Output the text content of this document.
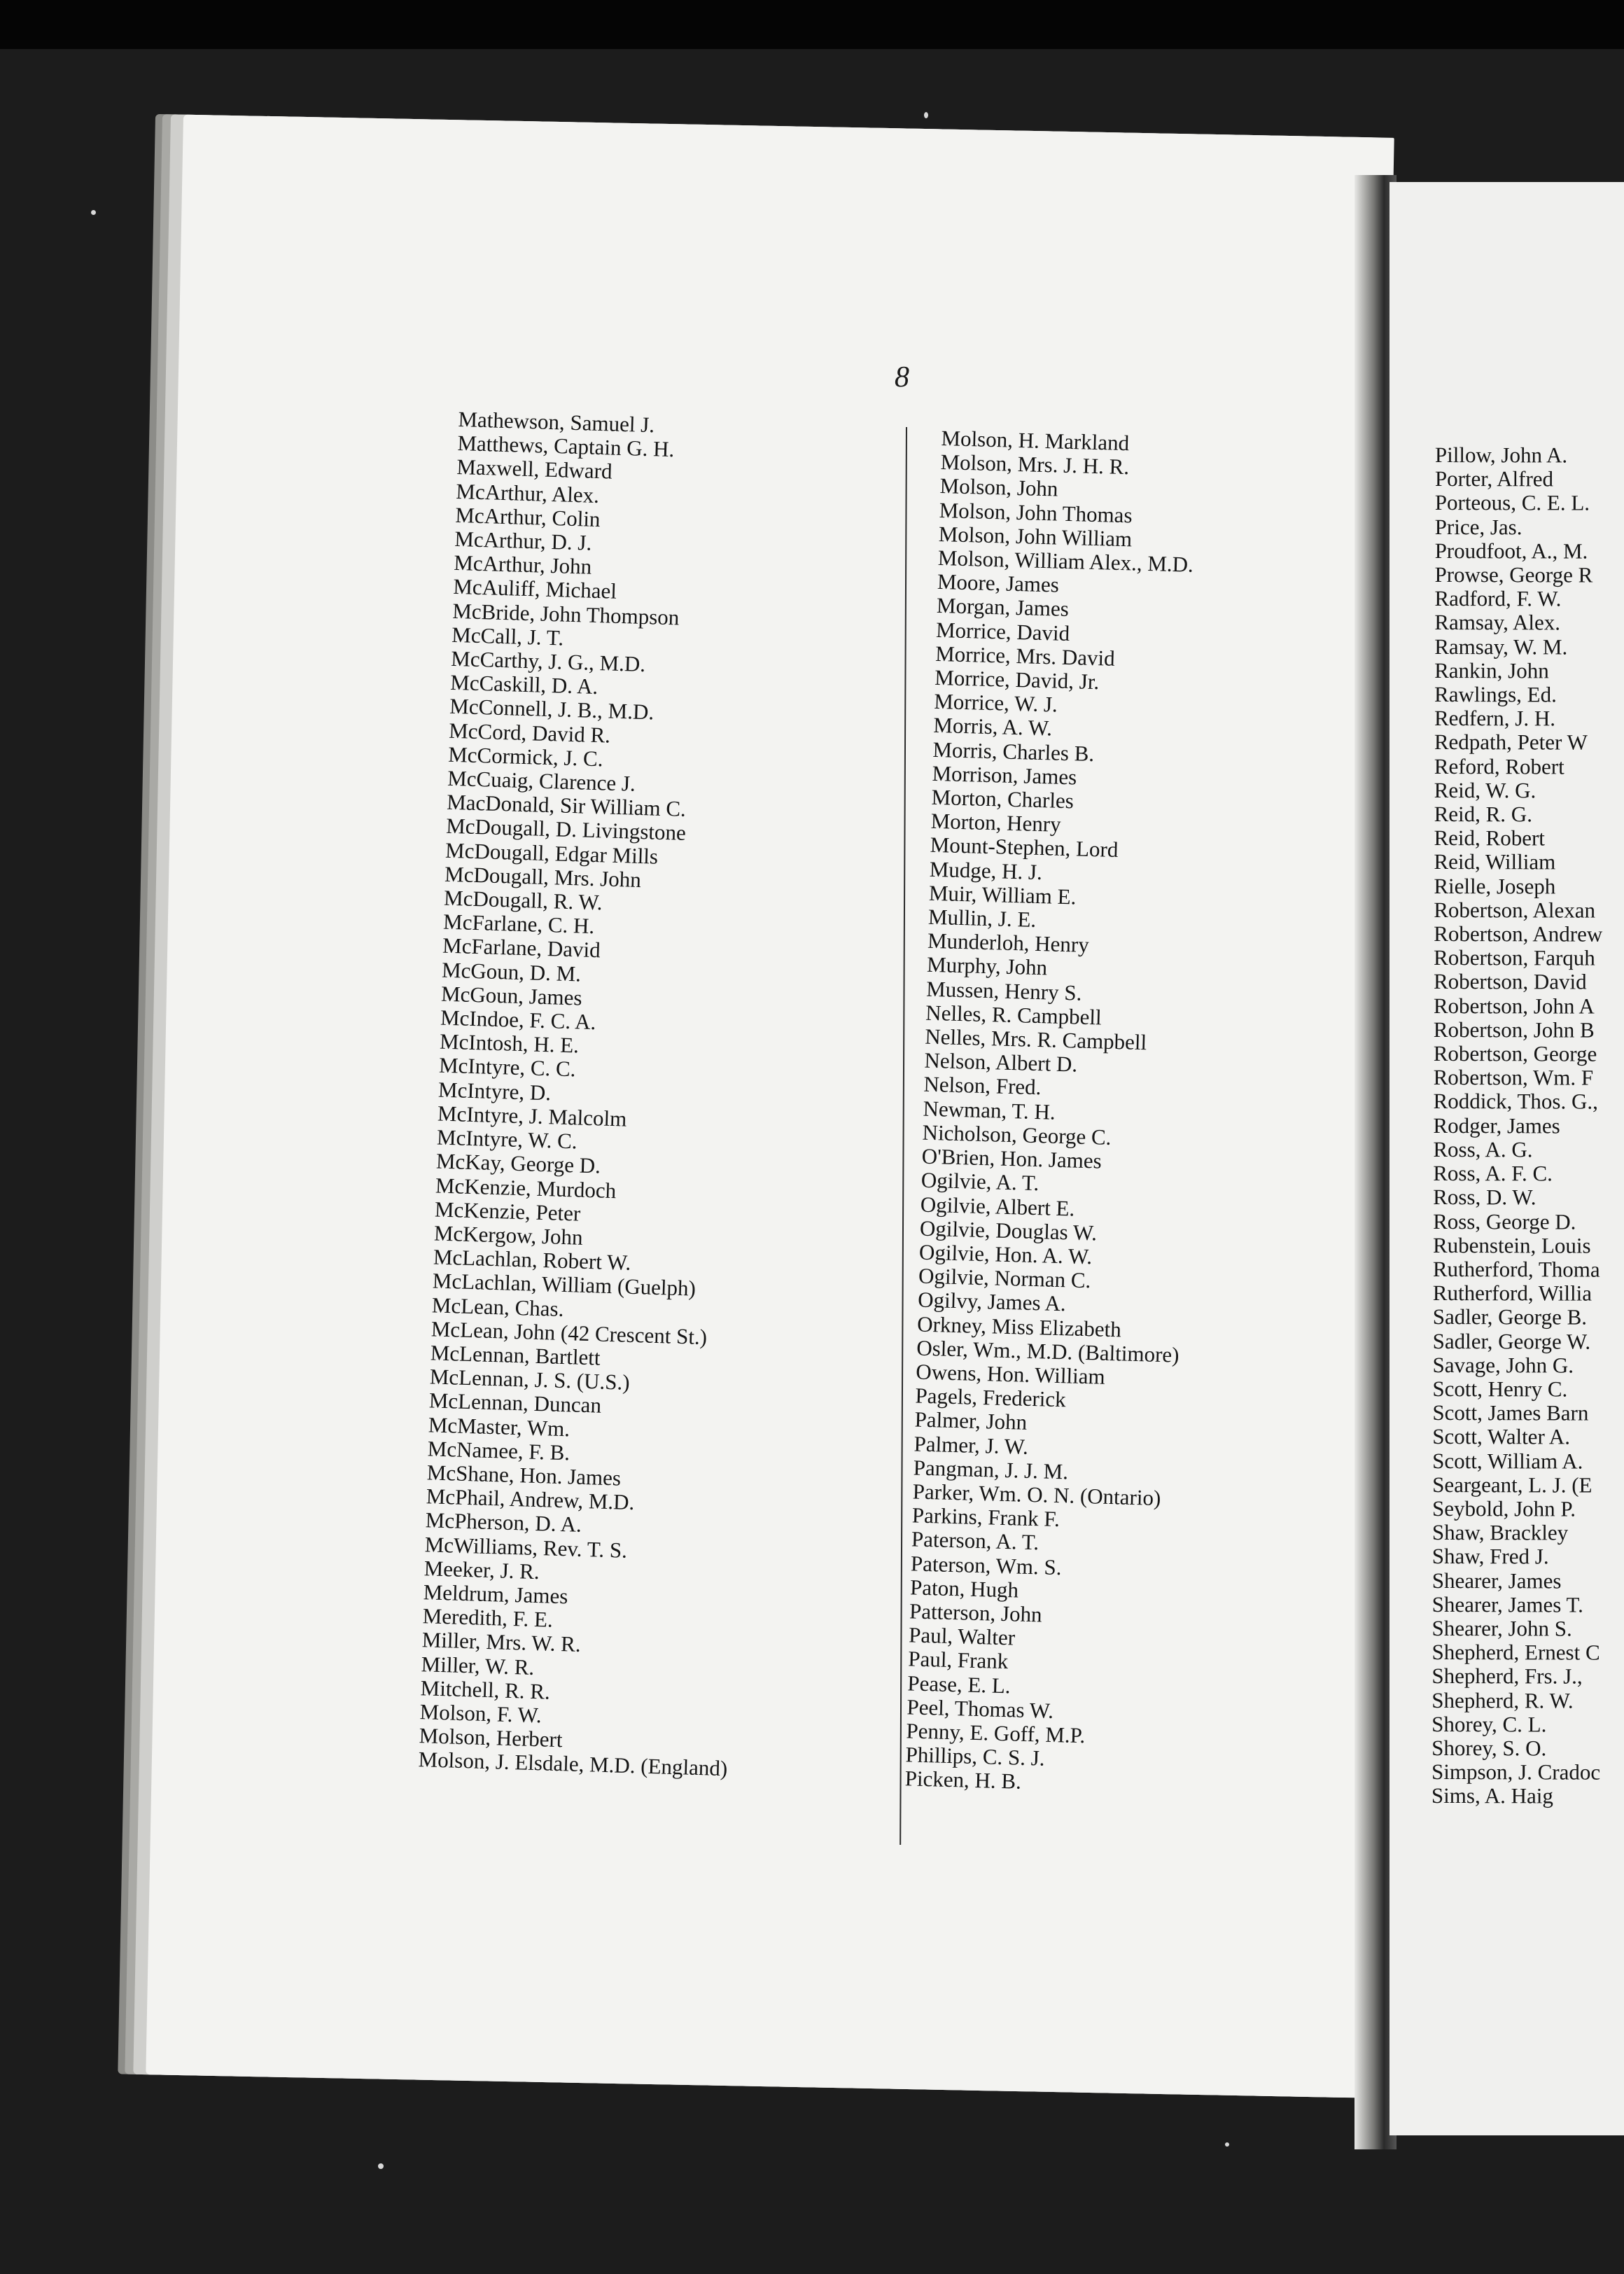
8
Mathewson, Samuel J.
Matthews, Captain G. H.
Maxwell, Edward
McArthur, Alex.
McArthur, Colin
McArthur, D. J.
McArthur, John
McAuliff, Michael
McBride, John Thompson
McCall, J. T.
McCarthy, J. G., M.D.
McCaskill, D. A.
McConnell, J. B., M.D.
McCord, David R.
McCormick, J. C.
McCuaig, Clarence J.
MacDonald, Sir William C.
McDougall, D. Livingstone
McDougall, Edgar Mills
McDougall, Mrs. John
McDougall, R. W.
McFarlane, C. H.
McFarlane, David
McGoun, D. M.
McGoun, James
McIndoe, F. C. A.
McIntosh, H. E.
McIntyre, C. C.
McIntyre, D.
McIntyre, J. Malcolm
McIntyre, W. C.
McKay, George D.
McKenzie, Murdoch
McKenzie, Peter
McKergow, John
McLachlan, Robert W.
McLachlan, William (Guelph)
McLean, Chas.
McLean, John (42 Crescent St.)
McLennan, Bartlett
McLennan, J. S. (U.S.)
McLennan, Duncan
McMaster, Wm.
McNamee, F. B.
McShane, Hon. James
McPhail, Andrew, M.D.
McPherson, D. A.
McWilliams, Rev. T. S.
Meeker, J. R.
Meldrum, James
Meredith, F. E.
Miller, Mrs. W. R.
Miller, W. R.
Mitchell, R. R.
Molson, F. W.
Molson, Herbert
Molson, J. Elsdale, M.D. (England)
Molson, H. Markland
Molson, Mrs. J. H. R.
Molson, John
Molson, John Thomas
Molson, John William
Molson, William Alex., M.D.
Moore, James
Morgan, James
Morrice, David
Morrice, Mrs. David
Morrice, David, Jr.
Morrice, W. J.
Morris, A. W.
Morris, Charles B.
Morrison, James
Morton, Charles
Morton, Henry
Mount-Stephen, Lord
Mudge, H. J.
Muir, William E.
Mullin, J. E.
Munderloh, Henry
Murphy, John
Mussen, Henry S.
Nelles, R. Campbell
Nelles, Mrs. R. Campbell
Nelson, Albert D.
Nelson, Fred.
Newman, T. H.
Nicholson, George C.
O'Brien, Hon. James
Ogilvie, A. T.
Ogilvie, Albert E.
Ogilvie, Douglas W.
Ogilvie, Hon. A. W.
Ogilvie, Norman C.
Ogilvy, James A.
Orkney, Miss Elizabeth
Osler, Wm., M.D. (Baltimore)
Owens, Hon. William
Pagels, Frederick
Palmer, John
Palmer, J. W.
Pangman, J. J. M.
Parker, Wm. O. N. (Ontario)
Parkins, Frank F.
Paterson, A. T.
Paterson, Wm. S.
Paton, Hugh
Patterson, John
Paul, Walter
Paul, Frank
Pease, E. L.
Peel, Thomas W.
Penny, E. Goff, M.P.
Phillips, C. S. J.
Picken, H. B.
Pillow, John A.
Porter, Alfred
Porteous, C. E. L.
Price, Jas.
Proudfoot, A., M.
Prowse, George R
Radford, F. W.
Ramsay, Alex.
Ramsay, W. M.
Rankin, John
Rawlings, Ed.
Redfern, J. H.
Redpath, Peter W
Reford, Robert
Reid, W. G.
Reid, R. G.
Reid, Robert
Reid, William
Rielle, Joseph
Robertson, Alexan
Robertson, Andrew
Robertson, Farquh
Robertson, David
Robertson, John A
Robertson, John B
Robertson, George
Robertson, Wm. F
Roddick, Thos. G.,
Rodger, James
Ross, A. G.
Ross, A. F. C.
Ross, D. W.
Ross, George D.
Rubenstein, Louis
Rutherford, Thoma
Rutherford, Willia
Sadler, George B.
Sadler, George W.
Savage, John G.
Scott, Henry C.
Scott, James Barn
Scott, Walter A.
Scott, William A.
Seargeant, L. J. (E
Seybold, John P.
Shaw, Brackley
Shaw, Fred J.
Shearer, James
Shearer, James T.
Shearer, John S.
Shepherd, Ernest C
Shepherd, Frs. J.,
Shepherd, R. W.
Shorey, C. L.
Shorey, S. O.
Simpson, J. Cradoc
Sims, A. Haig
